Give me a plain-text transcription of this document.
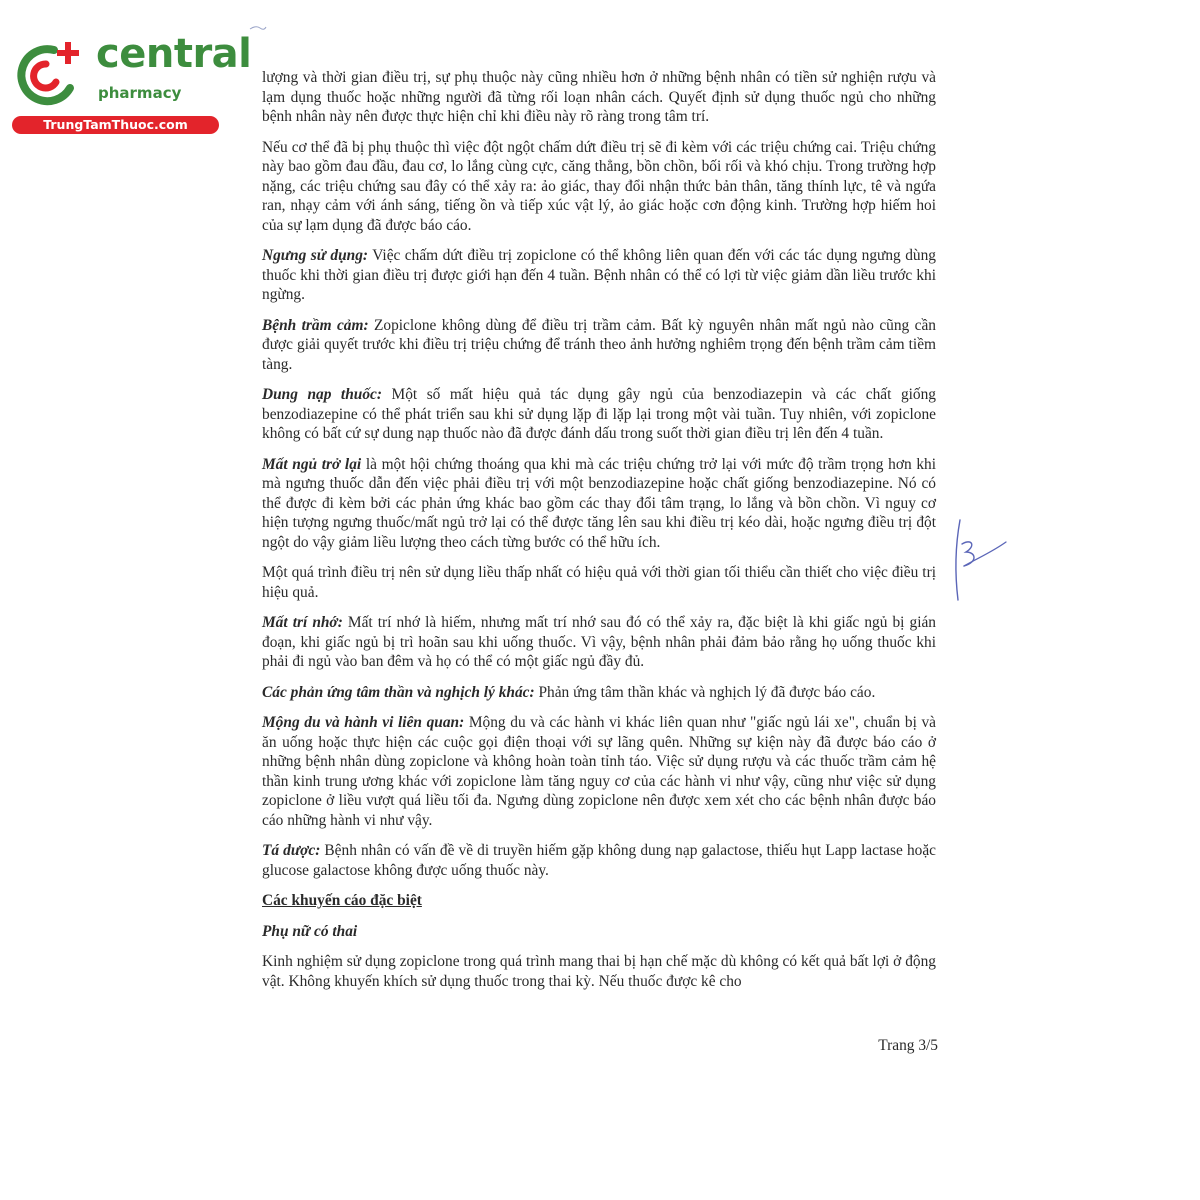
central
pharmacy
TrungTamThuoc.com

lượng và thời gian điều trị, sự phụ thuộc này cũng nhiều hơn ở những bệnh nhân có tiền sử nghiện rượu và lạm dụng thuốc hoặc những người đã từng rối loạn nhân cách. Quyết định sử dụng thuốc ngủ cho những bệnh nhân này nên được thực hiện chỉ khi điều này rõ ràng trong tâm trí.

Nếu cơ thể đã bị phụ thuộc thì việc đột ngột chấm dứt điều trị sẽ đi kèm với các triệu chứng cai. Triệu chứng này bao gồm đau đầu, đau cơ, lo lắng cùng cực, căng thẳng, bồn chồn, bối rối và khó chịu. Trong trường hợp nặng, các triệu chứng sau đây có thể xảy ra: ảo giác, thay đổi nhận thức bản thân, tăng thính lực, tê và ngứa ran, nhạy cảm với ánh sáng, tiếng ồn và tiếp xúc vật lý, ảo giác hoặc cơn động kinh. Trường hợp hiếm hoi của sự lạm dụng đã được báo cáo.

Ngưng sử dụng: Việc chấm dứt điều trị zopiclone có thể không liên quan đến với các tác dụng ngưng dùng thuốc khi thời gian điều trị được giới hạn đến 4 tuần. Bệnh nhân có thể có lợi từ việc giảm dần liều trước khi ngừng.

Bệnh trầm cảm: Zopiclone không dùng để điều trị trầm cảm. Bất kỳ nguyên nhân mất ngủ nào cũng cần được giải quyết trước khi điều trị triệu chứng để tránh theo ảnh hưởng nghiêm trọng đến bệnh trầm cảm tiềm tàng.

Dung nạp thuốc: Một số mất hiệu quả tác dụng gây ngủ của benzodiazepin và các chất giống benzodiazepine có thể phát triển sau khi sử dụng lặp đi lặp lại trong một vài tuần. Tuy nhiên, với zopiclone không có bất cứ sự dung nạp thuốc nào đã được đánh dấu trong suốt thời gian điều trị lên đến 4 tuần.

Mất ngủ trở lại là một hội chứng thoáng qua khi mà các triệu chứng trở lại với mức độ trầm trọng hơn khi mà ngưng thuốc dẫn đến việc phải điều trị với một benzodiazepine hoặc chất giống benzodiazepine. Nó có thể được đi kèm bởi các phản ứng khác bao gồm các thay đổi tâm trạng, lo lắng và bồn chồn. Vì nguy cơ hiện tượng ngưng thuốc/mất ngủ trở lại có thể được tăng lên sau khi điều trị kéo dài, hoặc ngưng điều trị đột ngột do vậy giảm liều lượng theo cách từng bước có thể hữu ích.

Một quá trình điều trị nên sử dụng liều thấp nhất có hiệu quả với thời gian tối thiểu cần thiết cho việc điều trị hiệu quả.

Mất trí nhớ: Mất trí nhớ là hiếm, nhưng mất trí nhớ sau đó có thể xảy ra, đặc biệt là khi giấc ngủ bị gián đoạn, khi giấc ngủ bị trì hoãn sau khi uống thuốc. Vì vậy, bệnh nhân phải đảm bảo rằng họ uống thuốc khi phải đi ngủ vào ban đêm và họ có thể có một giấc ngủ đầy đủ.

Các phản ứng tâm thần và nghịch lý khác: Phản ứng tâm thần khác và nghịch lý đã được báo cáo.

Mộng du và hành vi liên quan: Mộng du và các hành vi khác liên quan như "giấc ngủ lái xe", chuẩn bị và ăn uống hoặc thực hiện các cuộc gọi điện thoại với sự lãng quên. Những sự kiện này đã được báo cáo ở những bệnh nhân dùng zopiclone và không hoàn toàn tỉnh táo. Việc sử dụng rượu và các thuốc trầm cảm hệ thần kinh trung ương khác với zopiclone làm tăng nguy cơ của các hành vi như vậy, cũng như việc sử dụng zopiclone ở liều vượt quá liều tối đa. Ngưng dùng zopiclone nên được xem xét cho các bệnh nhân được báo cáo những hành vi như vậy.

Tá dược: Bệnh nhân có vấn đề về di truyền hiếm gặp không dung nạp galactose, thiếu hụt Lapp lactase hoặc glucose galactose không được uống thuốc này.

Các khuyến cáo đặc biệt

Phụ nữ có thai

Kinh nghiệm sử dụng zopiclone trong quá trình mang thai bị hạn chế mặc dù không có kết quả bất lợi ở động vật. Không khuyến khích sử dụng thuốc trong thai kỳ. Nếu thuốc được kê cho

Trang 3/5
